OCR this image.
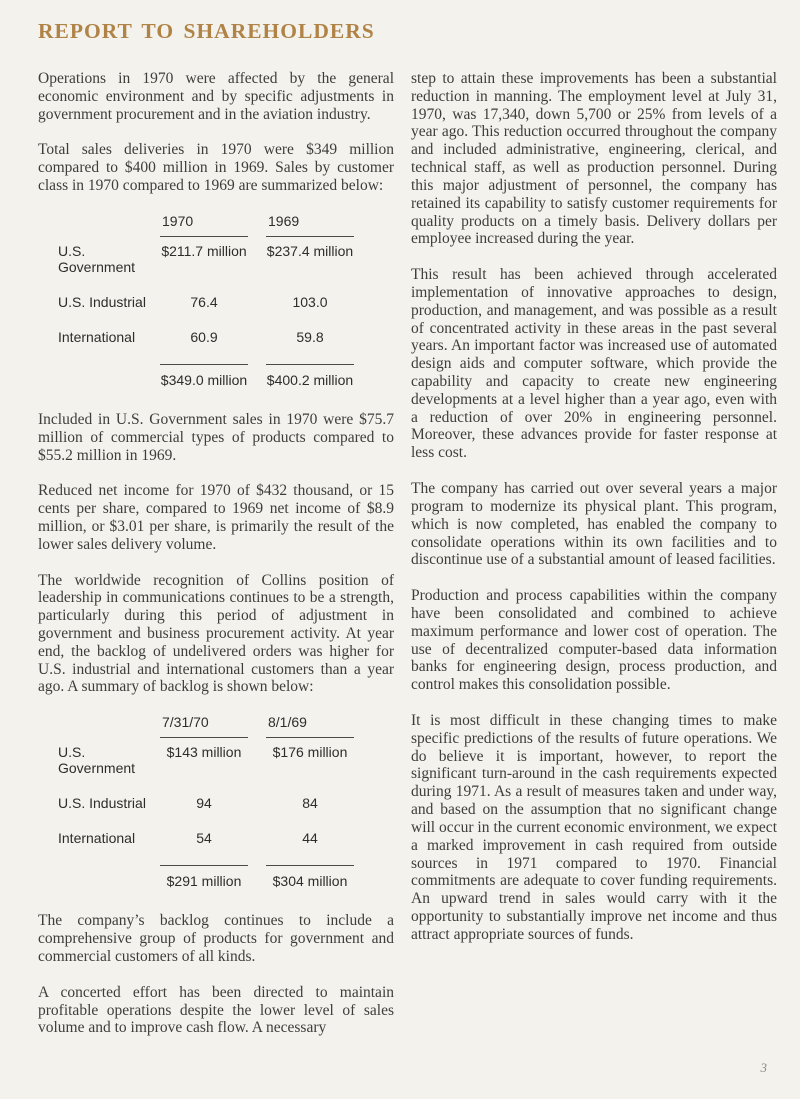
REPORT TO SHAREHOLDERS

Operations in 1970 were affected by the general economic environment and by specific adjustments in government procurement and in the aviation industry.

Total sales deliveries in 1970 were $349 million compared to $400 million in 1969. Sales by customer class in 1970 compared to 1969 are summarized below:

1970	1969
U.S. Government
$211.7 million $237.4 million
U.S. Industrial	76.4	103.0
International	60.9	59.8
$349.0 million $400.2 million

Included in U.S. Government sales in 1970 were $75.7 million of commercial types of products compared to $55.2 million in 1969.

Reduced net income for 1970 of $432 thousand, or 15 cents per share, compared to 1969 net income of $8.9 million, or $3.01 per share, is primarily the result of the lower sales delivery volume.

The worldwide recognition of Collins position of leadership in communications continues to be a strength, particularly during this period of adjustment in government and business procurement activity. At year end, the backlog of undelivered orders was higher for U.S. industrial and international customers than a year ago. A summary of backlog is shown below:

7/31/70	8/1/69
U.S. Government
$143 million	$176 million
U.S. Industrial	94	84
International	54	44
$291 million	$304 million

The company’s backlog continues to include a comprehensive group of products for government and commercial customers of all kinds.

A concerted effort has been directed to maintain profitable operations despite the lower level of sales volume and to improve cash flow. A necessary

step to attain these improvements has been a substantial reduction in manning. The employment level at July 31, 1970, was 17,340, down 5,700 or 25% from levels of a year ago. This reduction occurred throughout the company and included administrative, engineering, clerical, and technical staff, as well as production personnel. During this major adjustment of personnel, the company has retained its capability to satisfy customer requirements for quality products on a timely basis. Delivery dollars per employee increased during the year.

This result has been achieved through accelerated implementation of innovative approaches to design, production, and management, and was possible as a result of concentrated activity in these areas in the past several years. An important factor was increased use of automated design aids and computer software, which provide the capability and capacity to create new engineering developments at a level higher than a year ago, even with a reduction of over 20% in engineering personnel. Moreover, these advances provide for faster response at less cost.

The company has carried out over several years a major program to modernize its physical plant. This program, which is now completed, has enabled the company to consolidate operations within its own facilities and to discontinue use of a substantial amount of leased facilities.

Production and process capabilities within the company have been consolidated and combined to achieve maximum performance and lower cost of operation. The use of decentralized computer-based data information banks for engineering design, process production, and control makes this consolidation possible.

It is most difficult in these changing times to make specific predictions of the results of future operations. We do believe it is important, however, to report the significant turn-around in the cash requirements expected during 1971. As a result of measures taken and under way, and based on the assumption that no significant change will occur in the current economic environment, we expect a marked improvement in cash required from outside sources in 1971 compared to 1970. Financial commitments are adequate to cover funding requirements. An upward trend in sales would carry with it the opportunity to substantially improve net income and thus attract appropriate sources of funds.

3
